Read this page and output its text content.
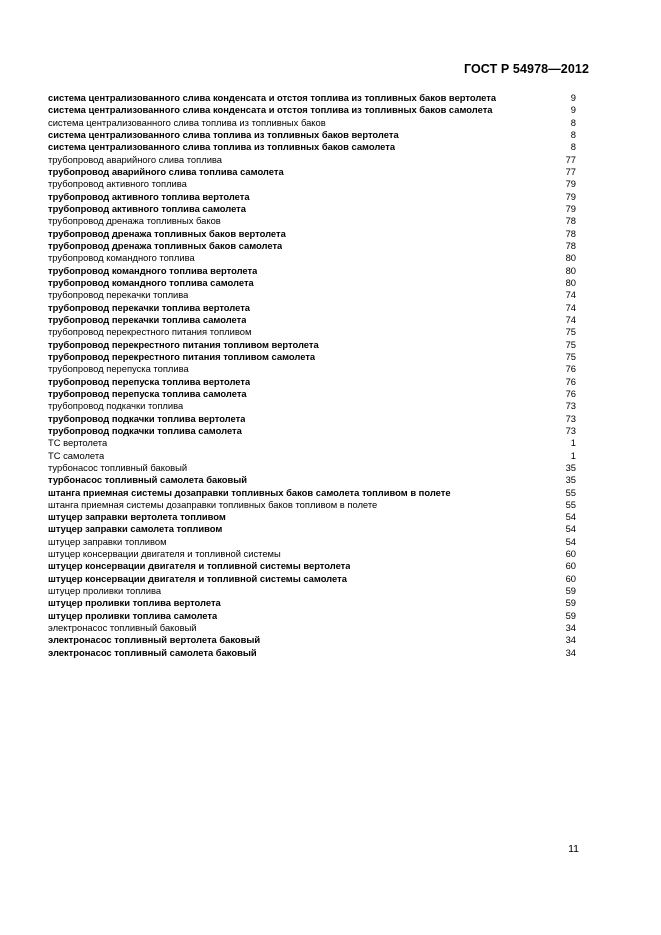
ГОСТ Р 54978—2012
система централизованного слива конденсата и отстоя топлива из топливных баков вертолета	9
система централизованного слива конденсата и отстоя топлива из топливных баков самолета	9
система централизованного слива топлива из топливных баков	8
система централизованного слива топлива из топливных баков вертолета	8
система централизованного слива топлива из топливных баков самолета	8
трубопровод аварийного слива топлива	77
трубопровод аварийного слива топлива самолета	77
трубопровод активного топлива	79
трубопровод активного топлива вертолета	79
трубопровод активного топлива самолета	79
трубопровод дренажа топливных баков	78
трубопровод дренажа топливных баков вертолета	78
трубопровод дренажа топливных баков самолета	78
трубопровод командного топлива	80
трубопровод командного топлива вертолета	80
трубопровод командного топлива самолета	80
трубопровод перекачки топлива	74
трубопровод перекачки топлива вертолета	74
трубопровод перекачки топлива самолета	74
трубопровод перекрестного питания топливом	75
трубопровод перекрестного питания топливом вертолета	75
трубопровод перекрестного питания топливом самолета	75
трубопровод перепуска топлива	76
трубопровод перепуска топлива вертолета	76
трубопровод перепуска топлива самолета	76
трубопровод подкачки топлива	73
трубопровод подкачки топлива вертолета	73
трубопровод подкачки топлива самолета	73
ТС вертолета	1
ТС самолета	1
турбонасос топливный баковый	35
турбонасос топливный самолета баковый	35
штанга приемная системы дозаправки топливных баков самолета топливом в полете	55
штанга приемная системы дозаправки топливных баков топливом в полете	55
штуцер заправки вертолета топливом	54
штуцер заправки самолета топливом	54
штуцер заправки топливом	54
штуцер консервации двигателя и топливной системы	60
штуцер консервации двигателя и топливной системы вертолета	60
штуцер консервации двигателя и топливной системы самолета	60
штуцер проливки топлива	59
штуцер проливки топлива вертолета	59
штуцер проливки топлива самолета	59
электронасос топливный баковый	34
электронасос топливный вертолета баковый	34
электронасос топливный самолета баковый	34
11
